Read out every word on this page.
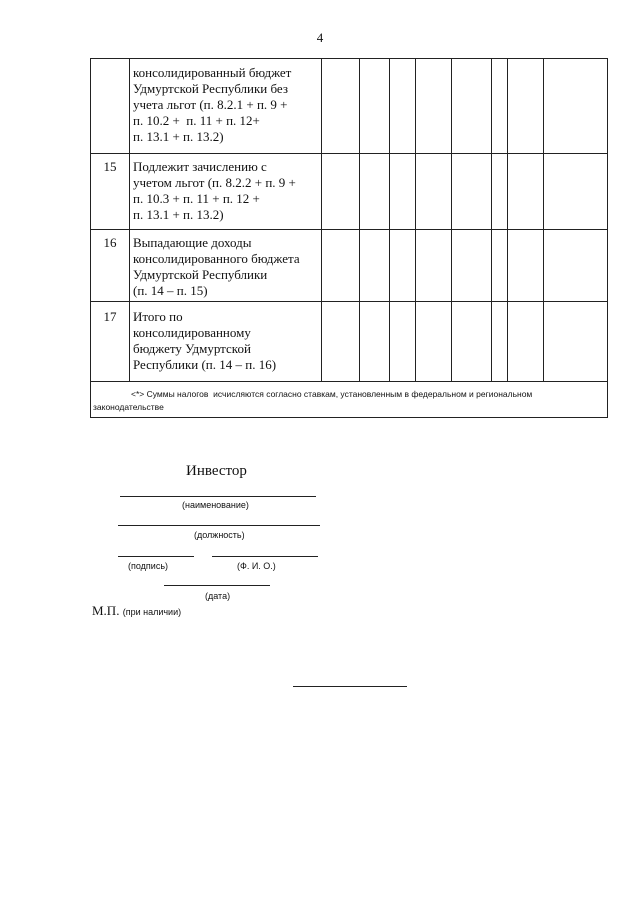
4
консолидированный бюджет
Удмуртской Республики без
учета льгот (п. 8.2.1 + п. 9 +
п. 10.2 +  п. 11 + п. 12+
п. 13.1 + п. 13.2)
15	Подлежит зачислению с
учетом льгот (п. 8.2.2 + п. 9 +
п. 10.3 + п. 11 + п. 12 +
п. 13.1 + п. 13.2)
16	Выпадающие доходы
консолидированного бюджета
Удмуртской Республики
(п. 14 – п. 15)
17	Итого по
консолидированному
бюджету Удмуртской
Республики (п. 14 – п. 16)
<*> Суммы налогов  исчисляются согласно ставкам, установленным в федеральном и региональном
законодательстве
Инвестор
(наименование)
(должность)
(подпись)	(Ф. И. О.)
(дата)
М.П. (при наличии)
